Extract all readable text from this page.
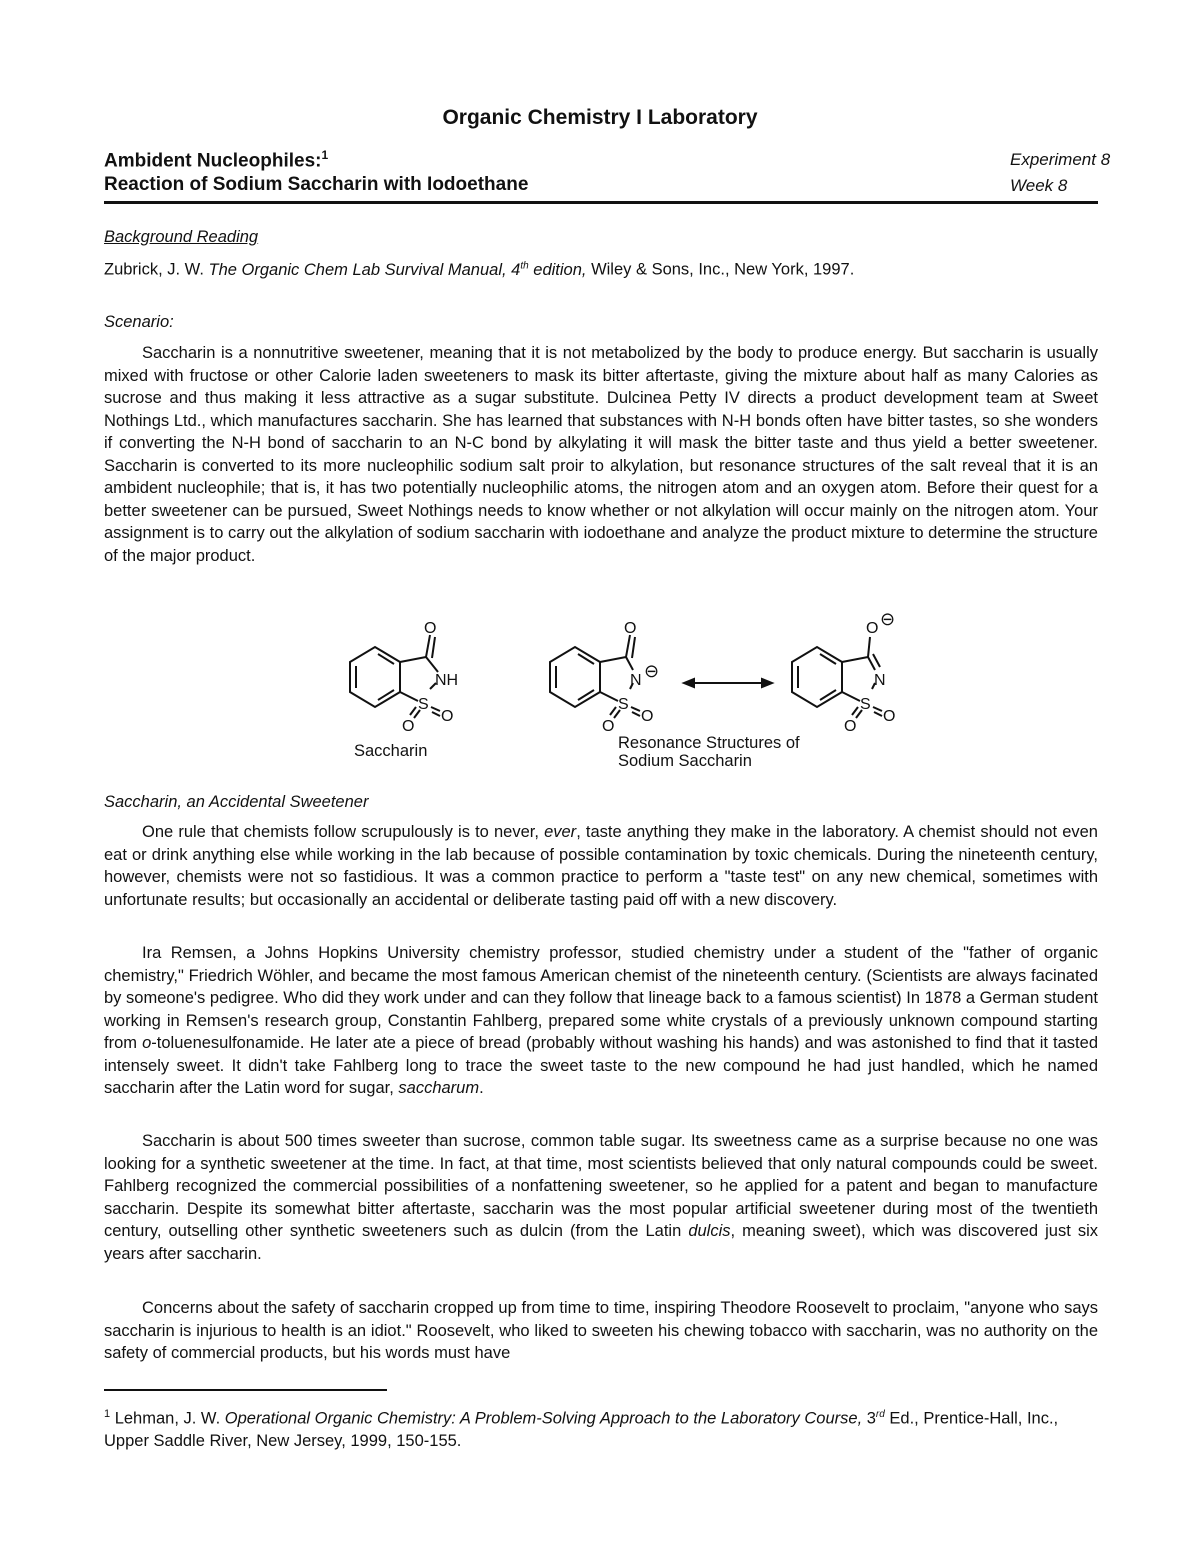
Organic Chemistry I Laboratory
Ambident Nucleophiles:$^1$
Reaction of Sodium Saccharin with Iodoethane
Experiment 8
Week 8
Background Reading
Zubrick, J. W. The Organic Chem Lab Survival Manual, 4th edition, Wiley & Sons, Inc., New York, 1997.
Scenario:

Saccharin is a nonnutritive sweetener, meaning that it is not metabolized by the body to produce energy. But saccharin is usually mixed with fructose or other Calorie laden sweeteners to mask its bitter aftertaste, giving the mixture about half as many Calories as sucrose and thus making it less attractive as a sugar substitute. Dulcinea Petty IV directs a product development team at Sweet Nothings Ltd., which manufactures saccharin. She has learned that substances with N-H bonds often have bitter tastes, so she wonders if converting the N-H bond of saccharin to an N-C bond by alkylating it will mask the bitter taste and thus yield a better sweetener. Saccharin is converted to its more nucleophilic sodium salt proir to alkylation, but resonance structures of the salt reveal that it is an ambident nucleophile; that is, it has two potentially nucleophilic atoms, the nitrogen atom and an oxygen atom. Before their quest for a better sweetener can be pursued, Sweet Nothings needs to know whether or not alkylation will occur mainly on the nitrogen atom. Your assignment is to carry out the alkylation of sodium saccharin with iodoethane and analyze the product mixture to determine the structure of the major product.

O
NH
S
O
O
O
N ⊖
S
O
O
O ⊖
N
S
O
O
Saccharin	Resonance Structures of
Sodium Saccharin
Saccharin, an Accidental Sweetener

One rule that chemists follow scrupulously is to never, ever, taste anything they make in the laboratory. A chemist should not even eat or drink anything else while working in the lab because of possible contamination by toxic chemicals. During the nineteenth century, however, chemists were not so fastidious. It was a common practice to perform a "taste test" on any new chemical, sometimes with unfortunate results; but occasionally an accidental or deliberate tasting paid off with a new discovery.

Ira Remsen, a Johns Hopkins University chemistry professor, studied chemistry under a student of the "father of organic chemistry," Friedrich Wöhler, and became the most famous American chemist of the nineteenth century. (Scientists are always facinated by someone's pedigree. Who did they work under and can they follow that lineage back to a famous scientist) In 1878 a German student working in Remsen's research group, Constantin Fahlberg, prepared some white crystals of a previously unknown compound starting from o-toluenesulfonamide. He later ate a piece of bread (probably without washing his hands) and was astonished to find that it tasted intensely sweet. It didn't take Fahlberg long to trace the sweet taste to the new compound he had just handled, which he named saccharin after the Latin word for sugar, saccharum.

Saccharin is about 500 times sweeter than sucrose, common table sugar. Its sweetness came as a surprise because no one was looking for a synthetic sweetener at the time. In fact, at that time, most scientists believed that only natural compounds could be sweet. Fahlberg recognized the commercial possibilities of a nonfattening sweetener, so he applied for a patent and began to manufacture saccharin. Despite its somewhat bitter aftertaste, saccharin was the most popular artificial sweetener during most of the twentieth century, outselling other synthetic sweeteners such as dulcin (from the Latin dulcis, meaning sweet), which was discovered just six years after saccharin.

Concerns about the safety of saccharin cropped up from time to time, inspiring Theodore Roosevelt to proclaim, "anyone who says saccharin is injurious to health is an idiot." Roosevelt, who liked to sweeten his chewing tobacco with saccharin, was no authority on the safety of commercial products, but his words must have

$^1$ Lehman, J. W. Operational Organic Chemistry: A Problem-Solving Approach to the Laboratory Course, 3rd Ed., Prentice-Hall, Inc., Upper Saddle River, New Jersey, 1999, 150-155.
